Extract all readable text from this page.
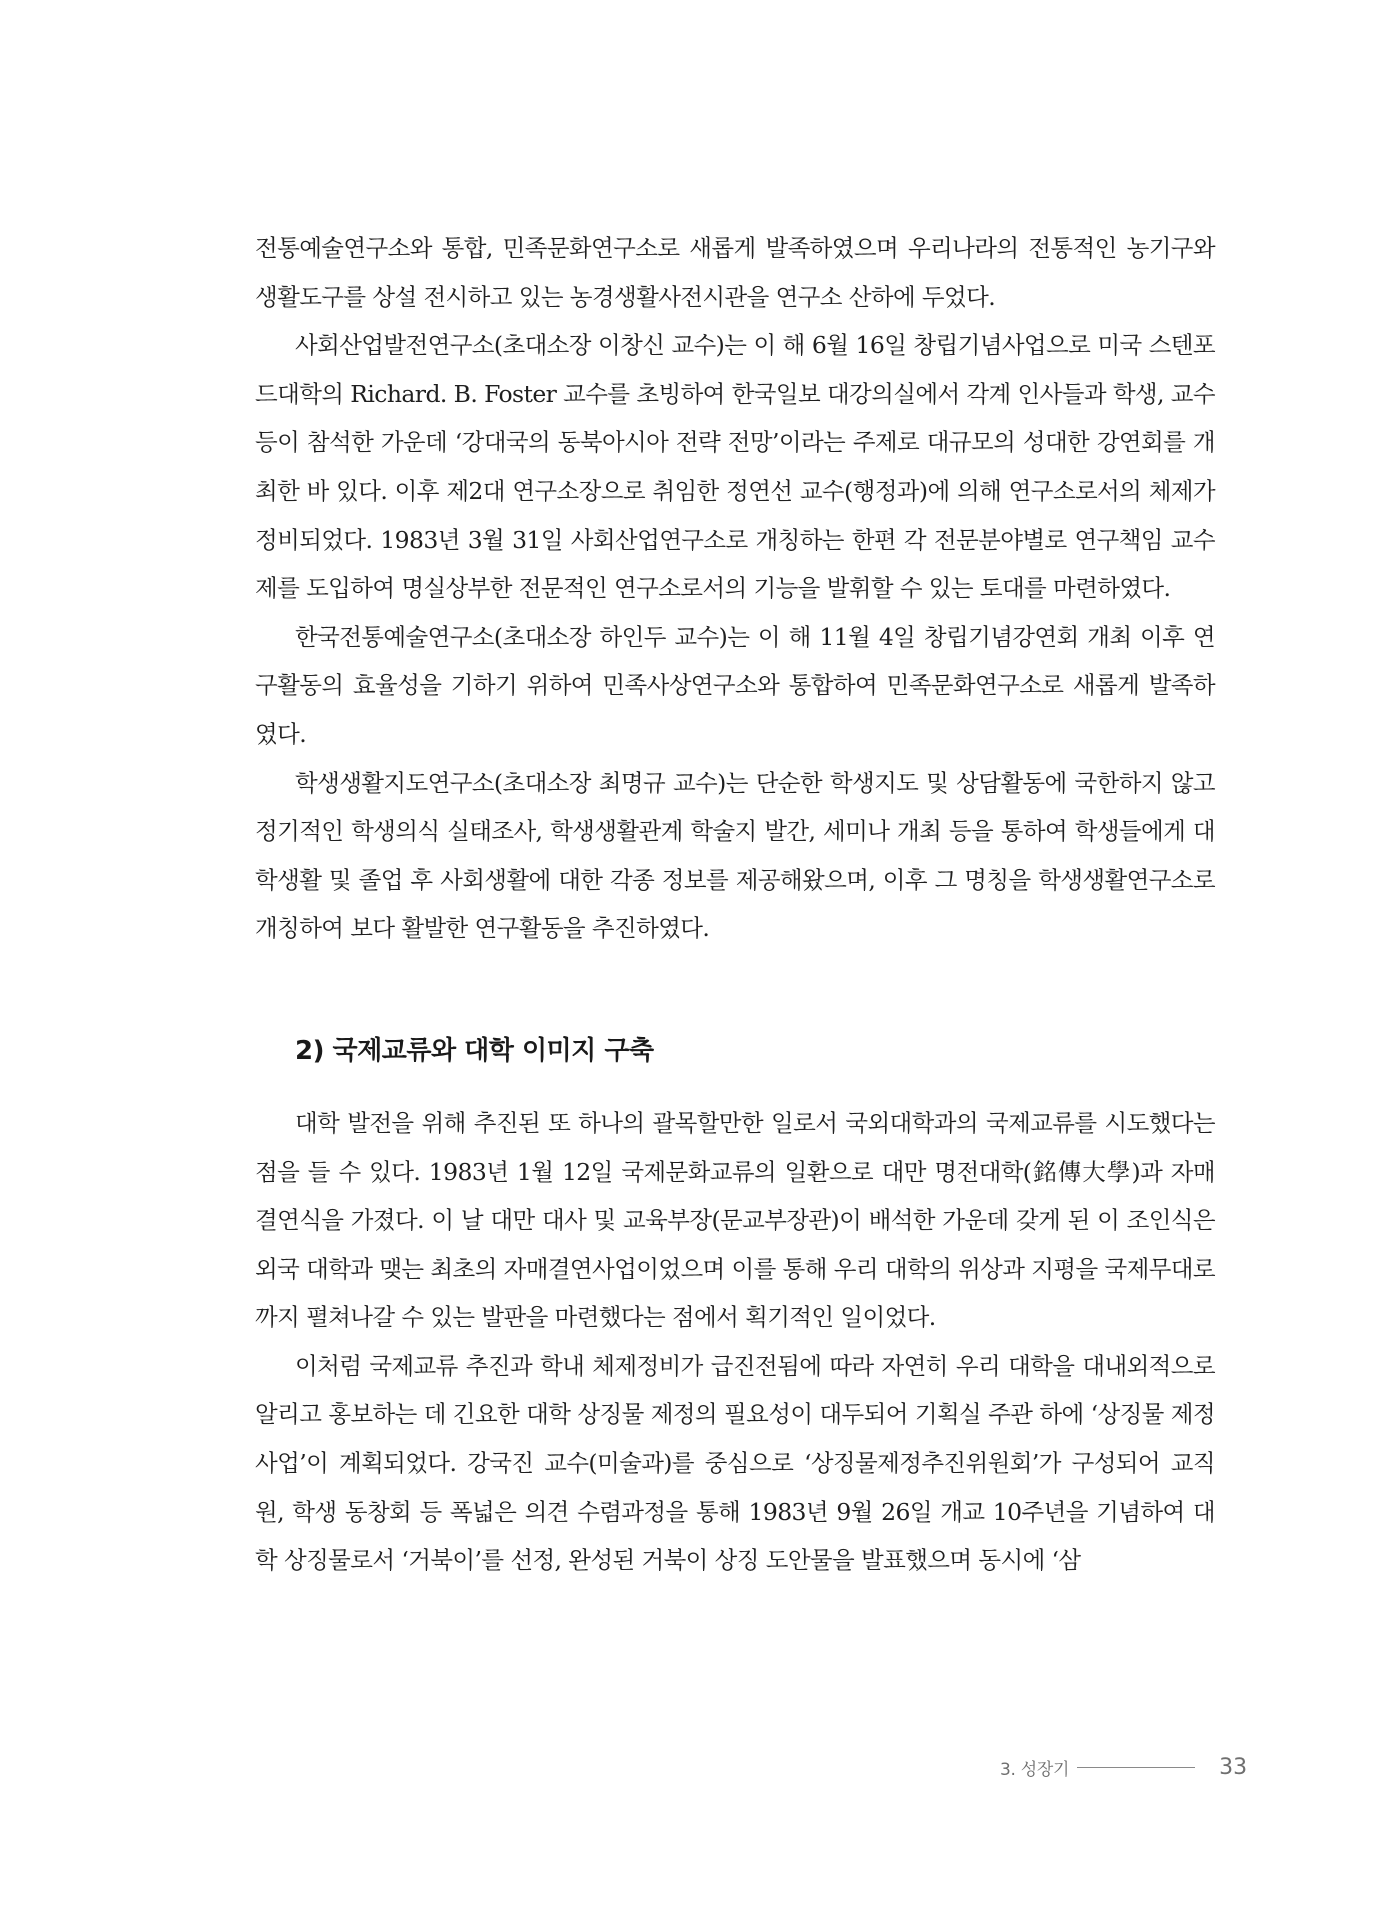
전통예술연구소와 통합, 민족문화연구소로 새롭게 발족하였으며 우리나라의 전통적인 농기구와 생활도구를 상설 전시하고 있는 농경생활사전시관을 연구소 산하에 두었다.

사회산업발전연구소(초대소장 이창신 교수)는 이 해 6월 16일 창립기념사업으로 미국 스텐포드대학의 Richard. B. Foster 교수를 초빙하여 한국일보 대강의실에서 각계 인사들과 학생, 교수 등이 참석한 가운데 ‘강대국의 동북아시아 전략 전망’이라는 주제로 대규모의 성대한 강연회를 개최한 바 있다. 이후 제2대 연구소장으로 취임한 정연선 교수(행정과)에 의해 연구소로서의 체제가 정비되었다. 1983년 3월 31일 사회산업연구소로 개칭하는 한편 각 전문분야별로 연구책임 교수제를 도입하여 명실상부한 전문적인 연구소로서의 기능을 발휘할 수 있는 토대를 마련하였다.

한국전통예술연구소(초대소장 하인두 교수)는 이 해 11월 4일 창립기념강연회 개최 이후 연구활동의 효율성을 기하기 위하여 민족사상연구소와 통합하여 민족문화연구소로 새롭게 발족하였다.

학생생활지도연구소(초대소장 최명규 교수)는 단순한 학생지도 및 상담활동에 국한하지 않고 정기적인 학생의식 실태조사, 학생생활관계 학술지 발간, 세미나 개최 등을 통하여 학생들에게 대학생활 및 졸업 후 사회생활에 대한 각종 정보를 제공해왔으며, 이후 그 명칭을 학생생활연구소로 개칭하여 보다 활발한 연구활동을 추진하였다.

2) 국제교류와 대학 이미지 구축

대학 발전을 위해 추진된 또 하나의 괄목할만한 일로서 국외대학과의 국제교류를 시도했다는 점을 들 수 있다. 1983년 1월 12일 국제문화교류의 일환으로 대만 명전대학(銘傳大學)과 자매 결연식을 가졌다. 이 날 대만 대사 및 교육부장(문교부장관)이 배석한 가운데 갖게 된 이 조인식은 외국 대학과 맺는 최초의 자매결연사업이었으며 이를 통해 우리 대학의 위상과 지평을 국제무대로까지 펼쳐나갈 수 있는 발판을 마련했다는 점에서 획기적인 일이었다.

이처럼 국제교류 추진과 학내 체제정비가 급진전됨에 따라 자연히 우리 대학을 대내외적으로 알리고 홍보하는 데 긴요한 대학 상징물 제정의 필요성이 대두되어 기획실 주관 하에 ‘상징물 제정 사업’이 계획되었다. 강국진 교수(미술과)를 중심으로 ‘상징물제정추진위원회’가 구성되어 교직원, 학생 동창회 등 폭넓은 의견 수렴과정을 통해 1983년 9월 26일 개교 10주년을 기념하여 대학 상징물로서 ‘거북이’를 선정, 완성된 거북이 상징 도안물을 발표했으며 동시에 ‘삼

3. 성장기	33
